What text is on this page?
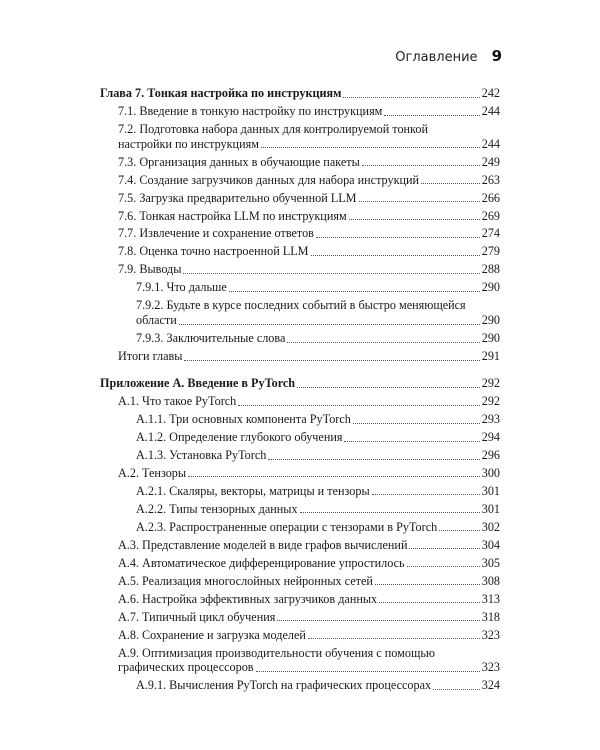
Оглавление 9
Глава 7. Тонкая настройка по инструкциям	242
7.1. Введение в тонкую настройку по инструкциям	244
7.2. Подготовка набора данных для контролируемой тонкой
настройки по инструкциям	244
7.3. Организация данных в обучающие пакеты	249
7.4. Создание загрузчиков данных для набора инструкций	263
7.5. Загрузка предварительно обученной LLM	266
7.6. Тонкая настройка LLM по инструкциям	269
7.7. Извлечение и сохранение ответов	274
7.8. Оценка точно настроенной LLM	279
7.9. Выводы	288
7.9.1. Что дальше	290
7.9.2. Будьте в курсе последних событий в быстро меняющейся
области	290
7.9.3. Заключительные слова	290
Итоги главы	291
Приложение А. Введение в PyTorch	292
А.1. Что такое PyTorch	292
А.1.1. Три основных компонента PyTorch	293
А.1.2. Определение глубокого обучения	294
А.1.3. Установка PyTorch	296
А.2. Тензоры	300
А.2.1. Скаляры, векторы, матрицы и тензоры	301
А.2.2. Типы тензорных данных	301
А.2.3. Распространенные операции с тензорами в PyTorch	302
А.3. Представление моделей в виде графов вычислений	304
А.4. Автоматическое дифференцирование упростилось	305
А.5. Реализация многослойных нейронных сетей	308
А.6. Настройка эффективных загрузчиков данных	313
А.7. Типичный цикл обучения	318
А.8. Сохранение и загрузка моделей	323
А.9. Оптимизация производительности обучения с помощью
графических процессоров	323
А.9.1. Вычисления PyTorch на графических процессорах	324
